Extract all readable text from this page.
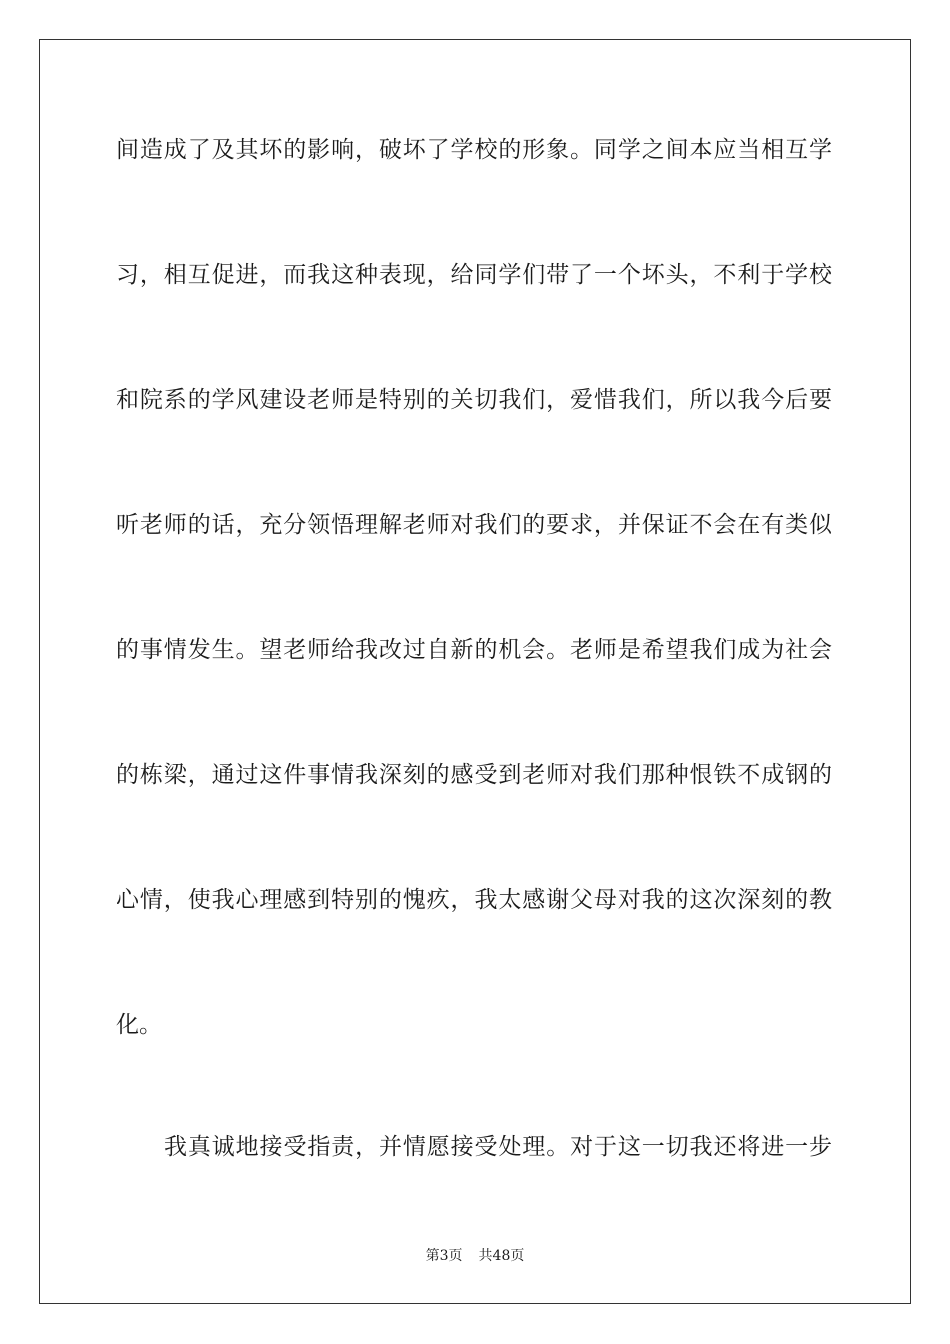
间造成了及其坏的影响，破坏了学校的形象。同学之间本应当相互学
习，相互促进，而我这种表现，给同学们带了一个坏头，不利于学校
和院系的学风建设老师是特别的关切我们，爱惜我们，所以我今后要
听老师的话，充分领悟理解老师对我们的要求，并保证不会在有类似
的事情发生。望老师给我改过自新的机会。老师是希望我们成为社会
的栋梁，通过这件事情我深刻的感受到老师对我们那种恨铁不成钢的
心情，使我心理感到特别的愧疚，我太感谢父母对我的这次深刻的教
化。
我真诚地接受指责，并情愿接受处理。对于这一切我还将进一步
第3页 共48页
